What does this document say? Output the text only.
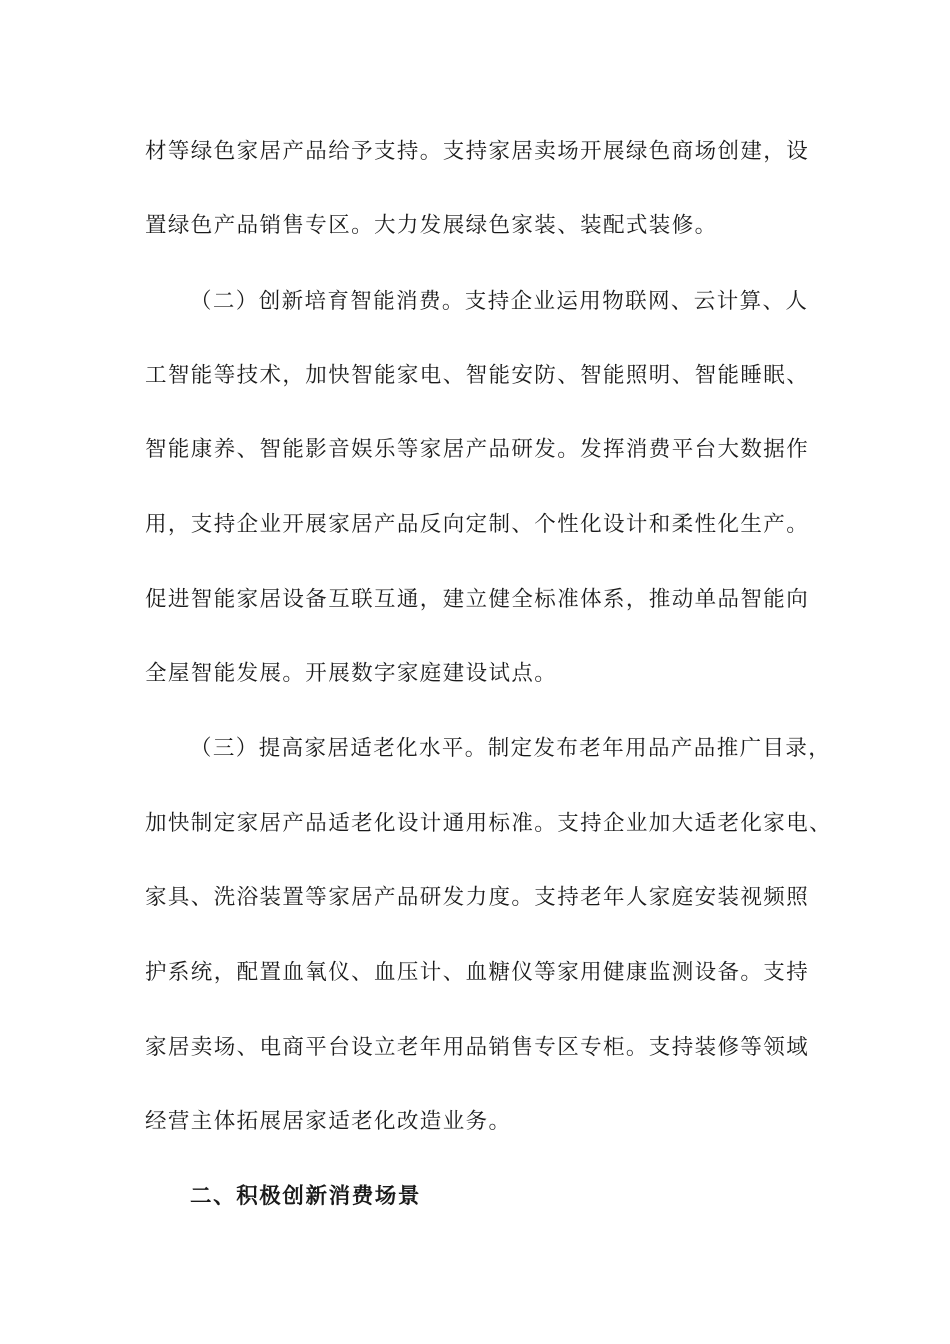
材等绿色家居产品给予支持。支持家居卖场开展绿色商场创建，设
置绿色产品销售专区。大力发展绿色家装、装配式装修。
（二）创新培育智能消费。支持企业运用物联网、云计算、人
工智能等技术，加快智能家电、智能安防、智能照明、智能睡眠、
智能康养、智能影音娱乐等家居产品研发。发挥消费平台大数据作
用，支持企业开展家居产品反向定制、个性化设计和柔性化生产。
促进智能家居设备互联互通，建立健全标准体系，推动单品智能向
全屋智能发展。开展数字家庭建设试点。
（三）提高家居适老化水平。制定发布老年用品产品推广目录，
加快制定家居产品适老化设计通用标准。支持企业加大适老化家电、
家具、洗浴装置等家居产品研发力度。支持老年人家庭安装视频照
护系统，配置血氧仪、血压计、血糖仪等家用健康监测设备。支持
家居卖场、电商平台设立老年用品销售专区专柜。支持装修等领域
经营主体拓展居家适老化改造业务。
二、积极创新消费场景
